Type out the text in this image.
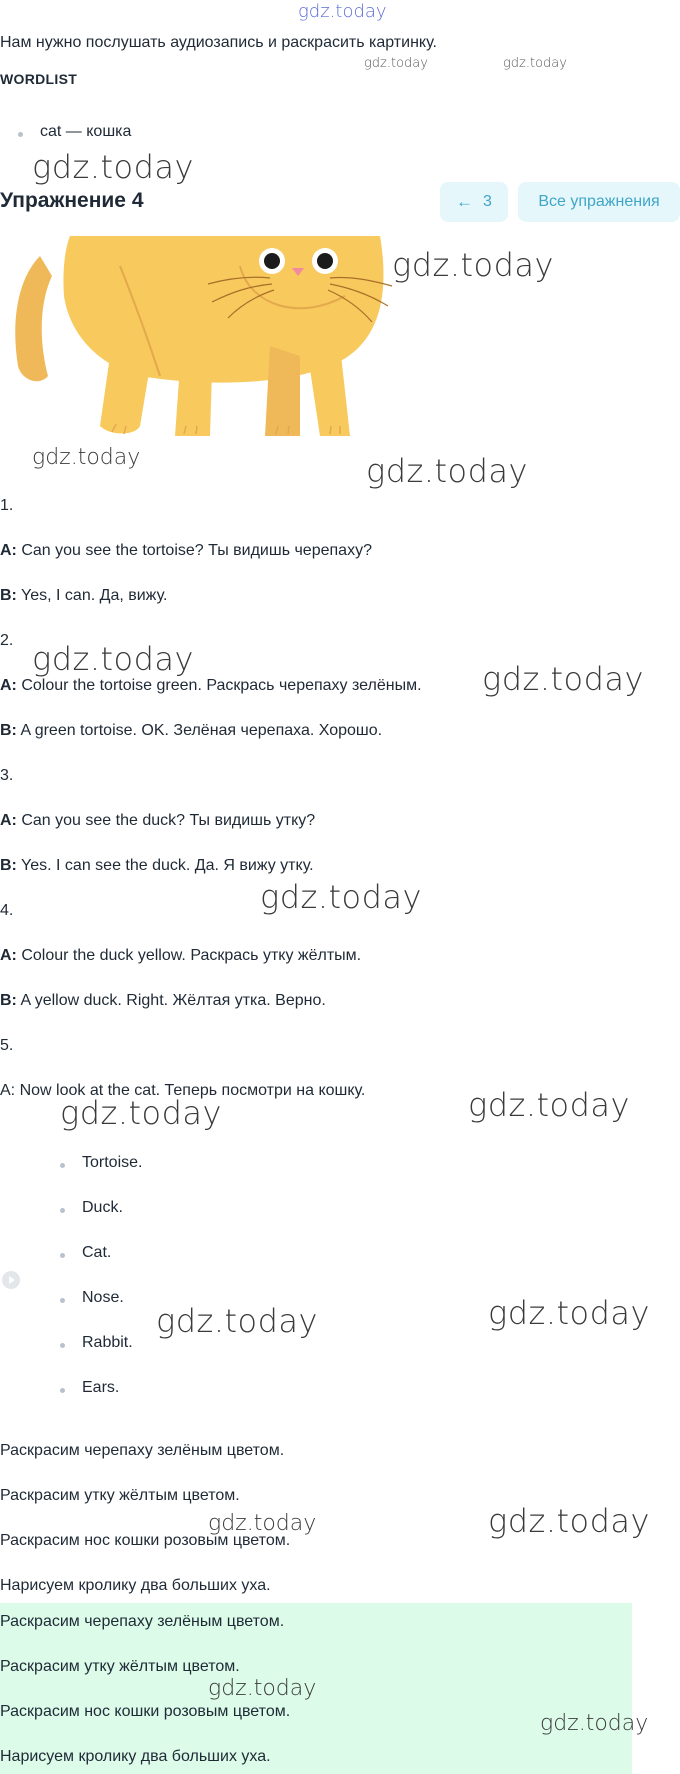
gdz.today
Нам нужно послушать аудиозапись и раскрасить картинку.
gdz.today	gdz.today
WORDLIST
cat — кошка
gdz.today
Упражнение 4	← 3	Все упражнения
gdz.today
gdz.today	gdz.today
1.
A: Can you see the tortoise? Ты видишь черепаху?
B: Yes, I can. Да, вижу.
2. gdz.today
A: Colour the tortoise green. Раскрась черепаху зелёным. gdz.today
B: A green tortoise. OK. Зелёная черепаха. Хорошо.
3.
A: Can you see the duck? Ты видишь утку?
B: Yes. I can see the duck. Да. Я вижу утку.
gdz.today
4.
A: Colour the duck yellow. Раскрась утку жёлтым.
B: A yellow duck. Right. Жёлтая утка. Верно.
5.
A: Now look at the cat. Теперь посмотри на кошку.
gdz.today	gdz.today
Tortoise.
Duck.
Cat.
Nose.
Rabbit.
Ears.
gdz.today	gdz.today
Раскрасим черепаху зелёным цветом.
Раскрасим утку жёлтым цветом.
gdz.today	gdz.today
Раскрасим нос кошки розовым цветом.
Нарисуем кролику два больших уха.
Раскрасим черепаху зелёным цветом.
Раскрасим утку жёлтым цветом.
gdz.today
Раскрасим нос кошки розовым цветом.	gdz.today
Нарисуем кролику два больших уха.
